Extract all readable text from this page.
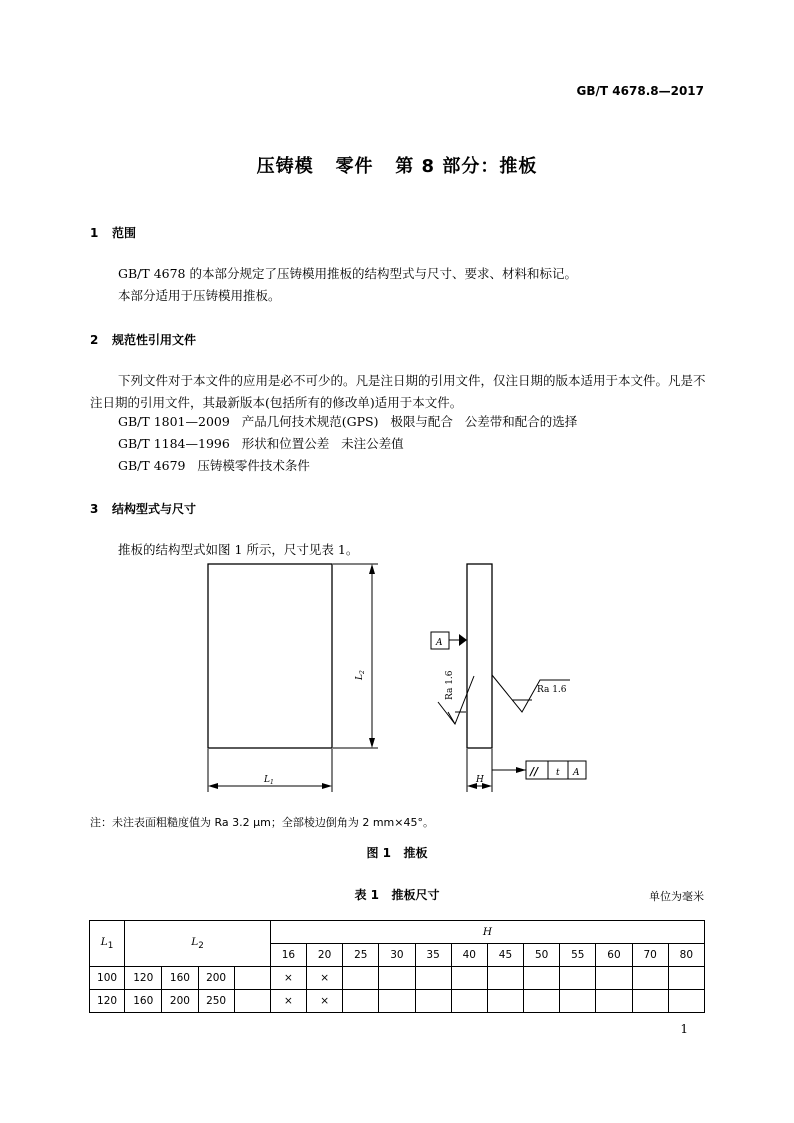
GB/T 4678.8—2017
压铸模   零件   第 8 部分：推板
1 范围
GB/T 4678 的本部分规定了压铸模用推板的结构型式与尺寸、要求、材料和标记。
本部分适用于压铸模用推板。
2 规范性引用文件
下列文件对于本文件的应用是必不可少的。凡是注日期的引用文件，仅注日期的版本适用于本文件。凡是不注日期的引用文件，其最新版本(包括所有的修改单)适用于本文件。
GB/T 1801—2009   产品几何技术规范(GPS)   极限与配合   公差带和配合的选择
GB/T 1184—1996   形状和位置公差   未注公差值
GB/T 4679   压铸模零件技术条件
3 结构型式与尺寸
推板的结构型式如图 1 所示，尺寸见表 1。
$L_2$
$L_1$	H
A
Ra 1.6	Ra 1.6
// t A
注：未注表面粗糙度值为 Ra 3.2 μm；全部棱边倒角为 2 mm×45°。
图 1   推板
表 1   推板尺寸	单位为毫米
$L_1$	$L_2$				H											
					16	20	25	30	35	40	45	50	55	60	70	80
100	120	160	200		×	×										
120	160	200	250		×	×										
1
